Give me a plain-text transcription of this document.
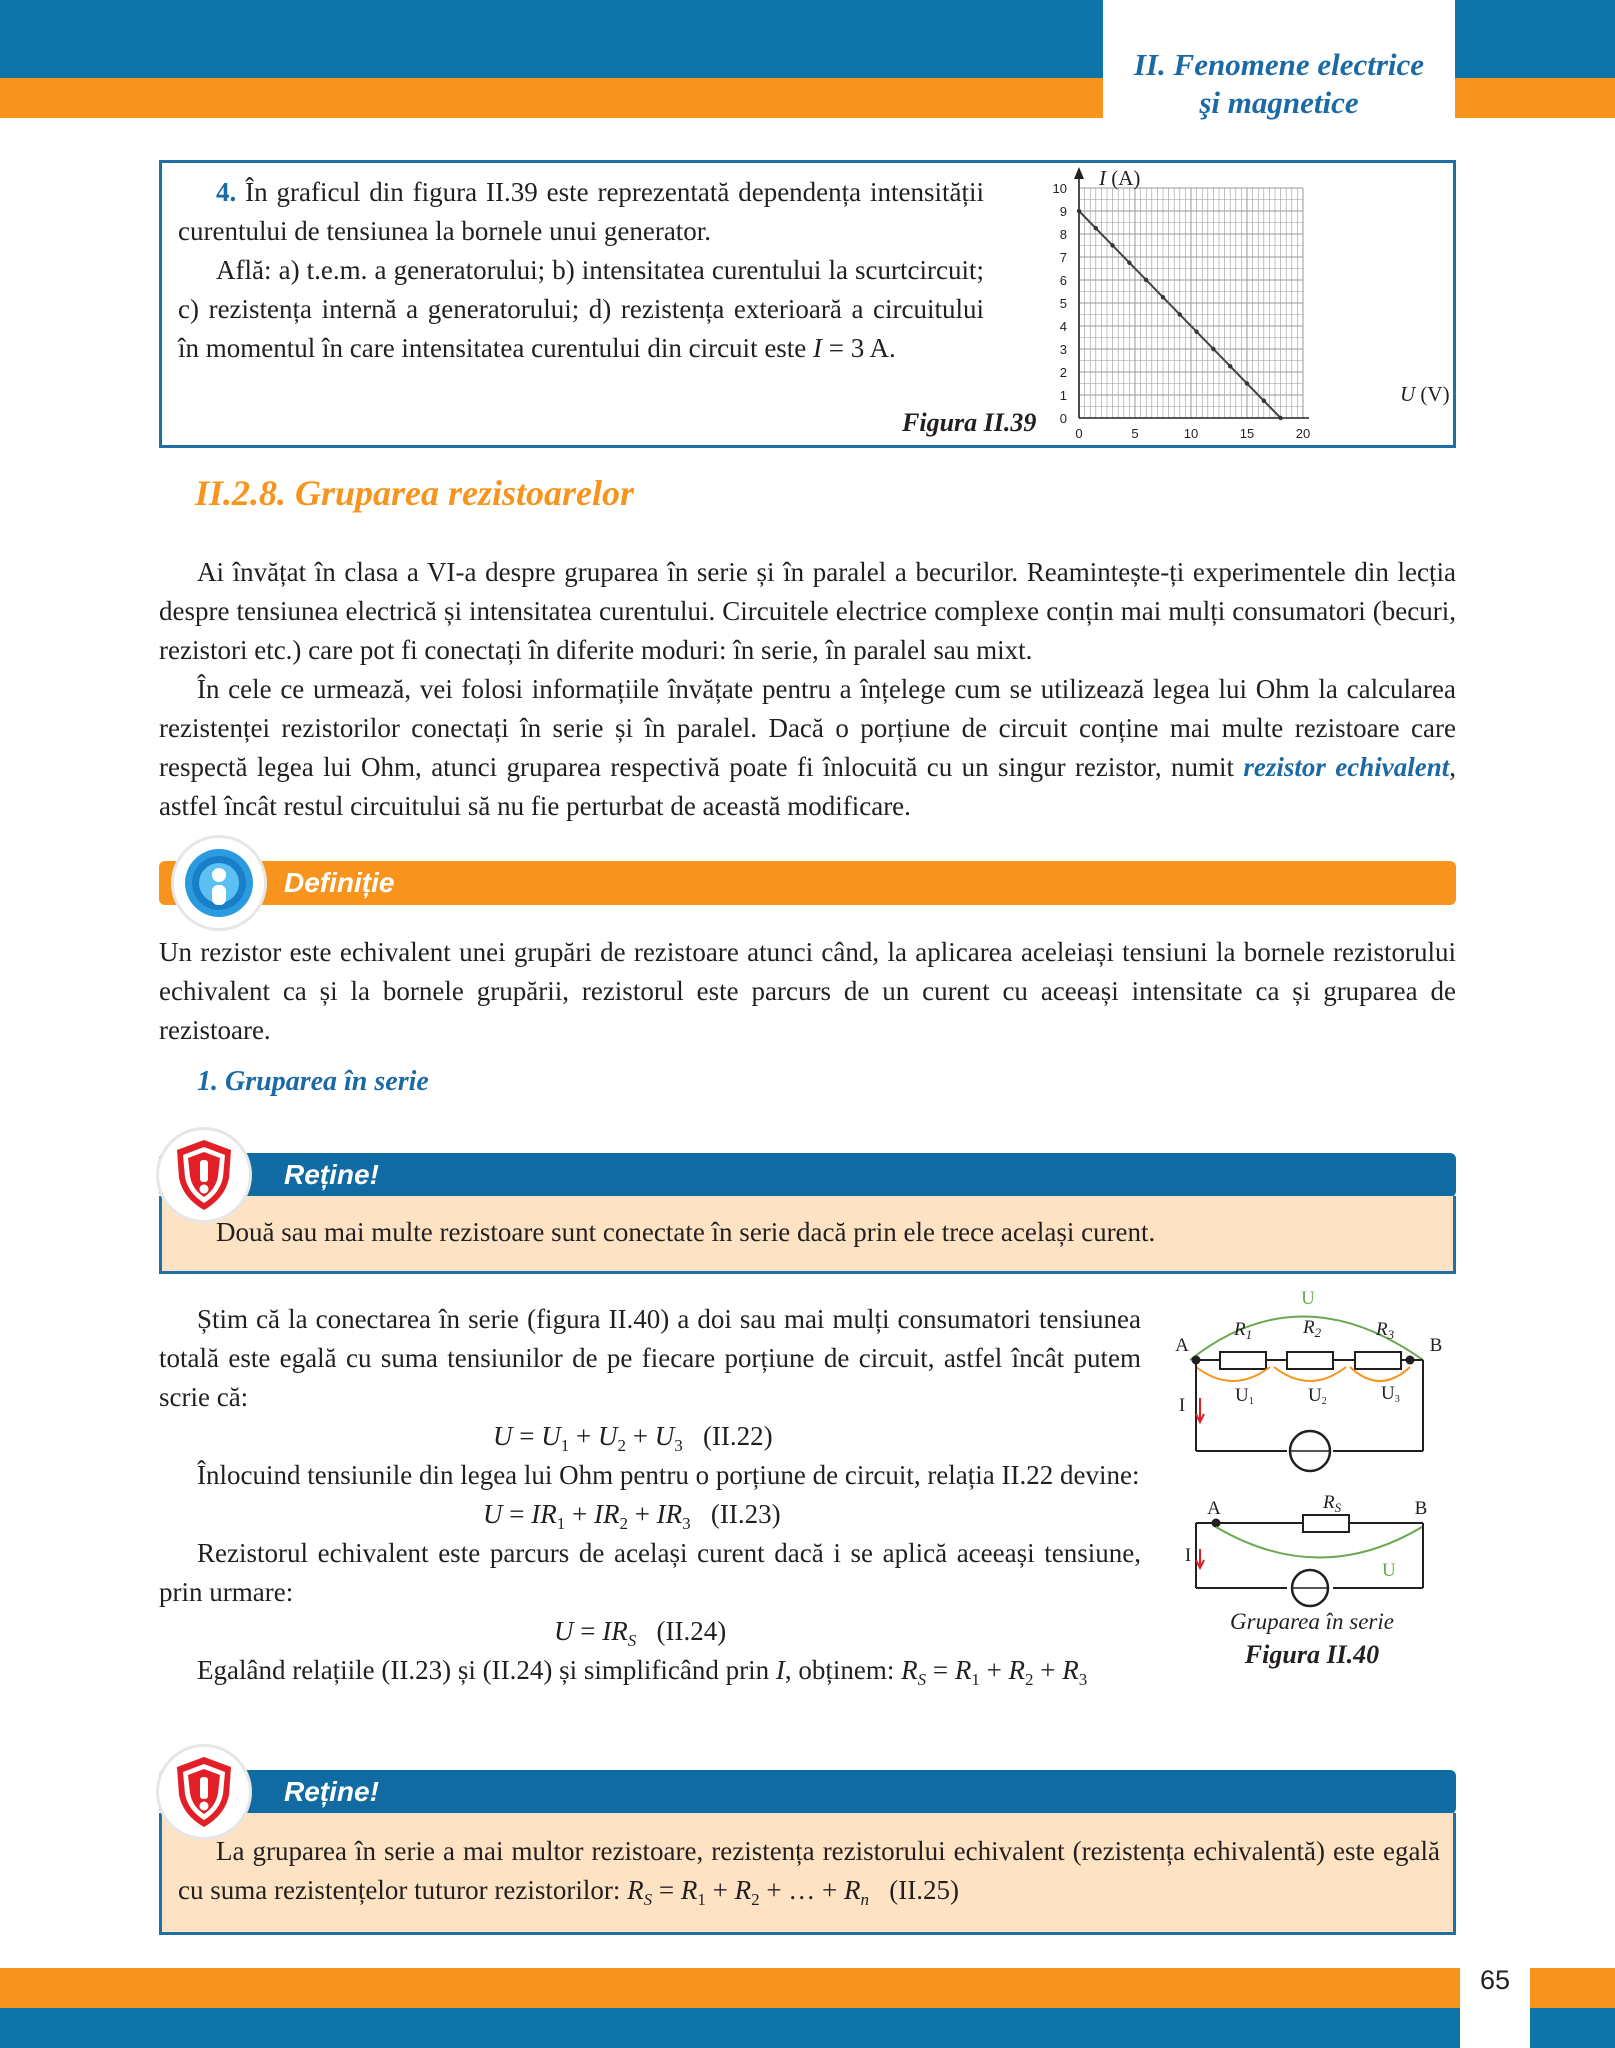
II. Fenomene electrice
şi magnetice

4. În graficul din figura II.39 este reprezentată dependența intensității curentului de tensiunea la bornele unui generator.

Află: a) t.e.m. a generatorului; b) intensitatea curentului la scurtcircuit; c) rezistența internă a generatorului; d) rezistența exterioară a circuitului în momentul în care intensitatea curentului din circuit este I = 3 A.

Figura II.39	0	5	10	15	20
0
1
2
3
4
5
6
7
8
9
10 I (A)
U (V)
II.2.8. Gruparea rezistoarelor

Ai învățat în clasa a VI-a despre gruparea în serie și în paralel a becurilor. Reamintește-ți experimentele din lecția despre tensiunea electrică și intensitatea curentului. Circuitele electrice complexe conțin mai mulți consumatori (becuri, rezistori etc.) care pot fi conectați în diferite moduri: în serie, în paralel sau mixt.

În cele ce urmează, vei folosi informațiile învățate pentru a înțelege cum se utilizează legea lui Ohm la calcularea rezistenței rezistorilor conectați în serie și în paralel. Dacă o porțiune de circuit conține mai multe rezistoare care respectă legea lui Ohm, atunci gruparea respectivă poate fi înlocuită cu un singur rezistor, numit rezistor echivalent, astfel încât restul circuitului să nu fie perturbat de această modificare.

Definiție
Un rezistor este echivalent unei grupări de rezistoare atunci când, la aplicarea aceleiași tensiuni la bornele rezistorului echivalent ca și la bornele grupării, rezistorul este parcurs de un curent cu aceeași intensitate ca și gruparea de rezistoare.
1. Gruparea în serie
Reține!

Două sau mai multe rezistoare sunt conectate în serie dacă prin ele trece același curent.

Știm că la conectarea în serie (figura II.40) a doi sau mai mulți consumatori tensiunea totală este egală cu suma tensiunilor de pe fiecare porțiune de circuit, astfel încât putem scrie că:

$U = U_1 + U_2 + U_3$ (II.22)

Înlocuind tensiunile din legea lui Ohm pentru o porțiune de circuit, relația II.22 devine:

$U = IR_1 + IR_2 + IR_3$ (II.23)

Rezistorul echivalent este parcurs de același curent dacă i se aplică aceeași tensiune, prin urmare:

$U = IR_S$ (II.24)

Egalând relațiile (II.23) și (II.24) și simplificând prin I, obținem: $R_S = R_1 + R_2 + R_3$

U
A	B
$R_1$	$R_2$	$R_3$
U1	U2	U3
I
A	B
$R_S$
U
I
Gruparea în serie
Figura II.40
Reține!

La gruparea în serie a mai multor rezistoare, rezistența rezistorului echivalent (rezistența echivalentă) este egală cu suma rezistențelor tuturor rezistorilor: $R_S = R_1 + R_2$ + … + $R_n$ (II.25)

65
